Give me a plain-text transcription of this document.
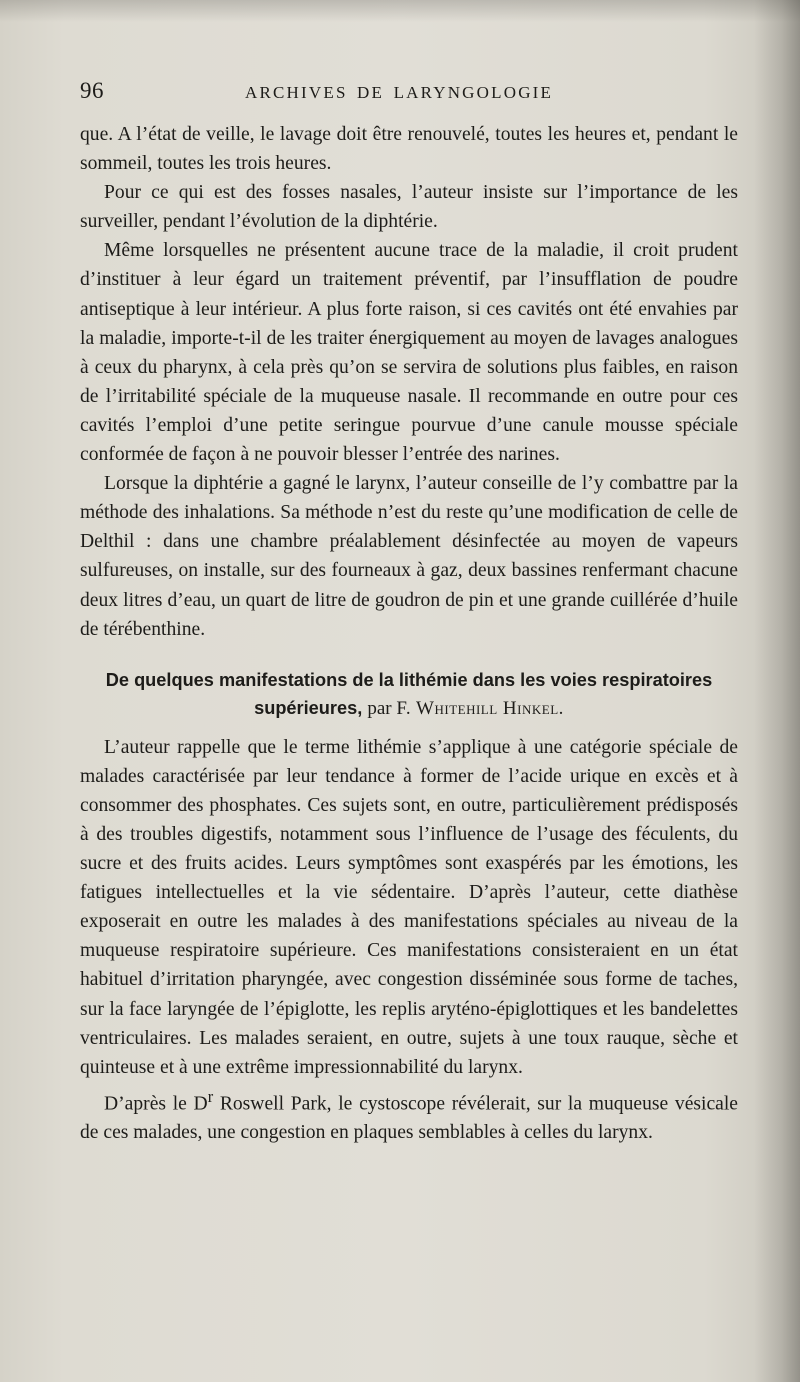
96	ARCHIVES DE LARYNGOLOGIE

que. A l’état de veille, le lavage doit être renouvelé, toutes les heures et, pendant le sommeil, toutes les trois heures.

Pour ce qui est des fosses nasales, l’auteur insiste sur l’importance de les surveiller, pendant l’évolution de la diphtérie.

Même lorsquelles ne présentent aucune trace de la maladie, il croit prudent d’instituer à leur égard un traitement préventif, par l’insufflation de poudre antiseptique à leur intérieur. A plus forte raison, si ces cavités ont été envahies par la maladie, importe-t-il de les traiter énergiquement au moyen de lavages analogues à ceux du pharynx, à cela près qu’on se servira de solutions plus faibles, en raison de l’irritabilité spéciale de la muqueuse nasale. Il recommande en outre pour ces cavités l’emploi d’une petite seringue pourvue d’une canule mousse spéciale conformée de façon à ne pouvoir blesser l’entrée des narines.

Lorsque la diphtérie a gagné le larynx, l’auteur conseille de l’y combattre par la méthode des inhalations. Sa méthode n’est du reste qu’une modification de celle de Delthil : dans une chambre préalablement désinfectée au moyen de vapeurs sulfureuses, on installe, sur des fourneaux à gaz, deux bassines renfermant chacune deux litres d’eau, un quart de litre de goudron de pin et une grande cuillérée d’huile de térébenthine.

De quelques manifestations de la lithémie dans les voies respiratoires supérieures, par F. Whitehill Hinkel.

L’auteur rappelle que le terme lithémie s’applique à une catégorie spéciale de malades caractérisée par leur tendance à former de l’acide urique en excès et à consommer des phosphates. Ces sujets sont, en outre, particulièrement prédisposés à des troubles digestifs, notamment sous l’influence de l’usage des féculents, du sucre et des fruits acides. Leurs symptômes sont exaspérés par les émotions, les fatigues intellectuelles et la vie sédentaire. D’après l’auteur, cette diathèse exposerait en outre les malades à des manifestations spéciales au niveau de la muqueuse respiratoire supérieure. Ces manifestations consisteraient en un état habituel d’irritation pharyngée, avec congestion disséminée sous forme de taches, sur la face laryngée de l’épiglotte, les replis aryténo-épiglottiques et les bandelettes ventriculaires. Les malades seraient, en outre, sujets à une toux rauque, sèche et quinteuse et à une extrême impressionnabilité du larynx.

D’après le $D^r$ Roswell Park, le cystoscope révélerait, sur la muqueuse vésicale de ces malades, une congestion en plaques semblables à celles du larynx.
